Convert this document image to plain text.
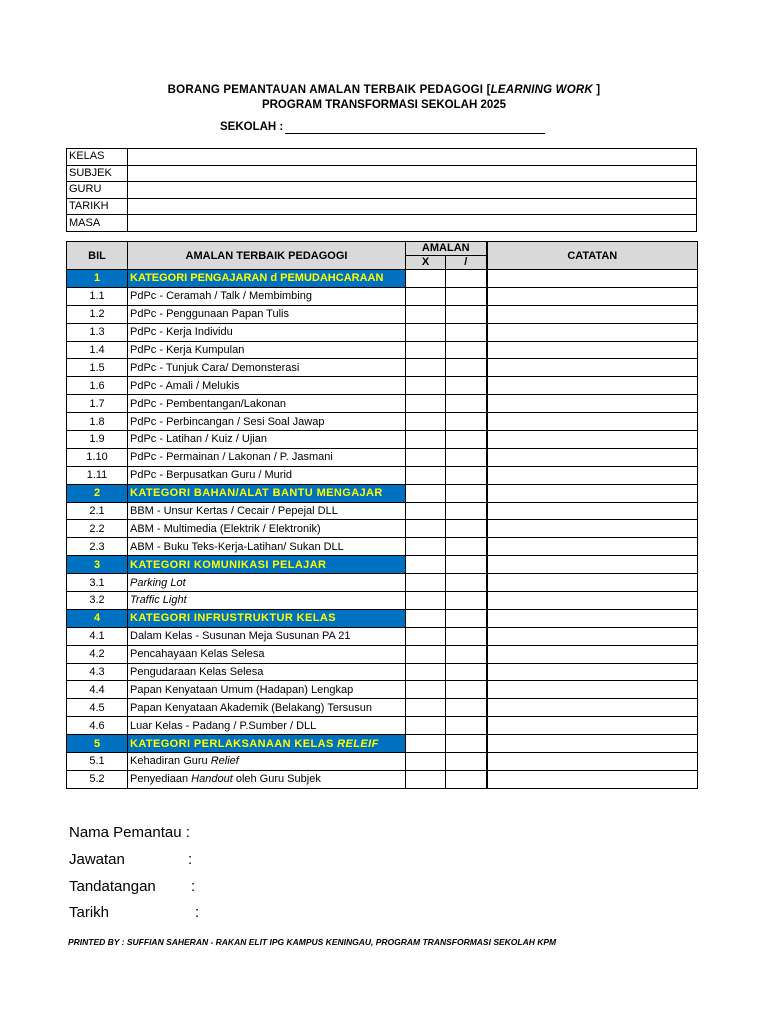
BORANG PEMANTAUAN AMALAN TERBAIK PEDAGOGI [LEARNING WORK ]
PROGRAM TRANSFORMASI SEKOLAH 2025
SEKOLAH :
KELAS	
SUBJEK	
GURU	
TARIKH	
MASA	
BIL	AMALAN TERBAIK PEDAGOGI	AMALAN		CATATAN
		X	/	
1	KATEGORI PENGAJARAN d PEMUDAHCARAAN			
1.1	PdPc - Ceramah / Talk / Membimbing			
1.2	PdPc - Penggunaan Papan Tulis			
1.3	PdPc - Kerja Individu			
1.4	PdPc - Kerja Kumpulan			
1.5	PdPc - Tunjuk Cara/ Demonsterasi			
1.6	PdPc - Amali / Melukis			
1.7	PdPc - Pembentangan/Lakonan			
1.8	PdPc - Perbincangan / Sesi Soal Jawap			
1.9	PdPc - Latihan / Kuiz / Ujian			
1.10	PdPc - Permainan / Lakonan / P. Jasmani			
1.11	PdPc - Berpusatkan Guru / Murid			
2	KATEGORI BAHAN/ALAT BANTU MENGAJAR			
2.1	BBM - Unsur Kertas / Cecair / Pepejal DLL			
2.2	ABM - Multimedia (Elektrik / Elektronik)			
2.3	ABM - Buku Teks-Kerja-Latihan/ Sukan DLL			
3	KATEGORI KOMUNIKASI PELAJAR			
3.1	Parking Lot			
3.2	Traffic Light			
4	KATEGORI INFRUSTRUKTUR KELAS			
4.1	Dalam Kelas - Susunan Meja Susunan PA 21			
4.2	Pencahayaan Kelas Selesa			
4.3	Pengudaraan Kelas Selesa			
4.4	Papan Kenyataan Umum (Hadapan) Lengkap			
4.5	Papan Kenyataan Akademik (Belakang) Tersusun			
4.6	Luar Kelas - Padang / P.Sumber / DLL			
5	KATEGORI PERLAKSANAAN KELAS RELEIF			
5.1	Kehadiran Guru Relief			
5.2	Penyediaan Handout oleh Guru Subjek			
Nama Pemantau :
Jawatan	:
Tandatangan :
Tarikh	:
PRINTED BY : SUFFIAN SAHERAN - RAKAN ELIT IPG KAMPUS KENINGAU, PROGRAM TRANSFORMASI SEKOLAH KPM
